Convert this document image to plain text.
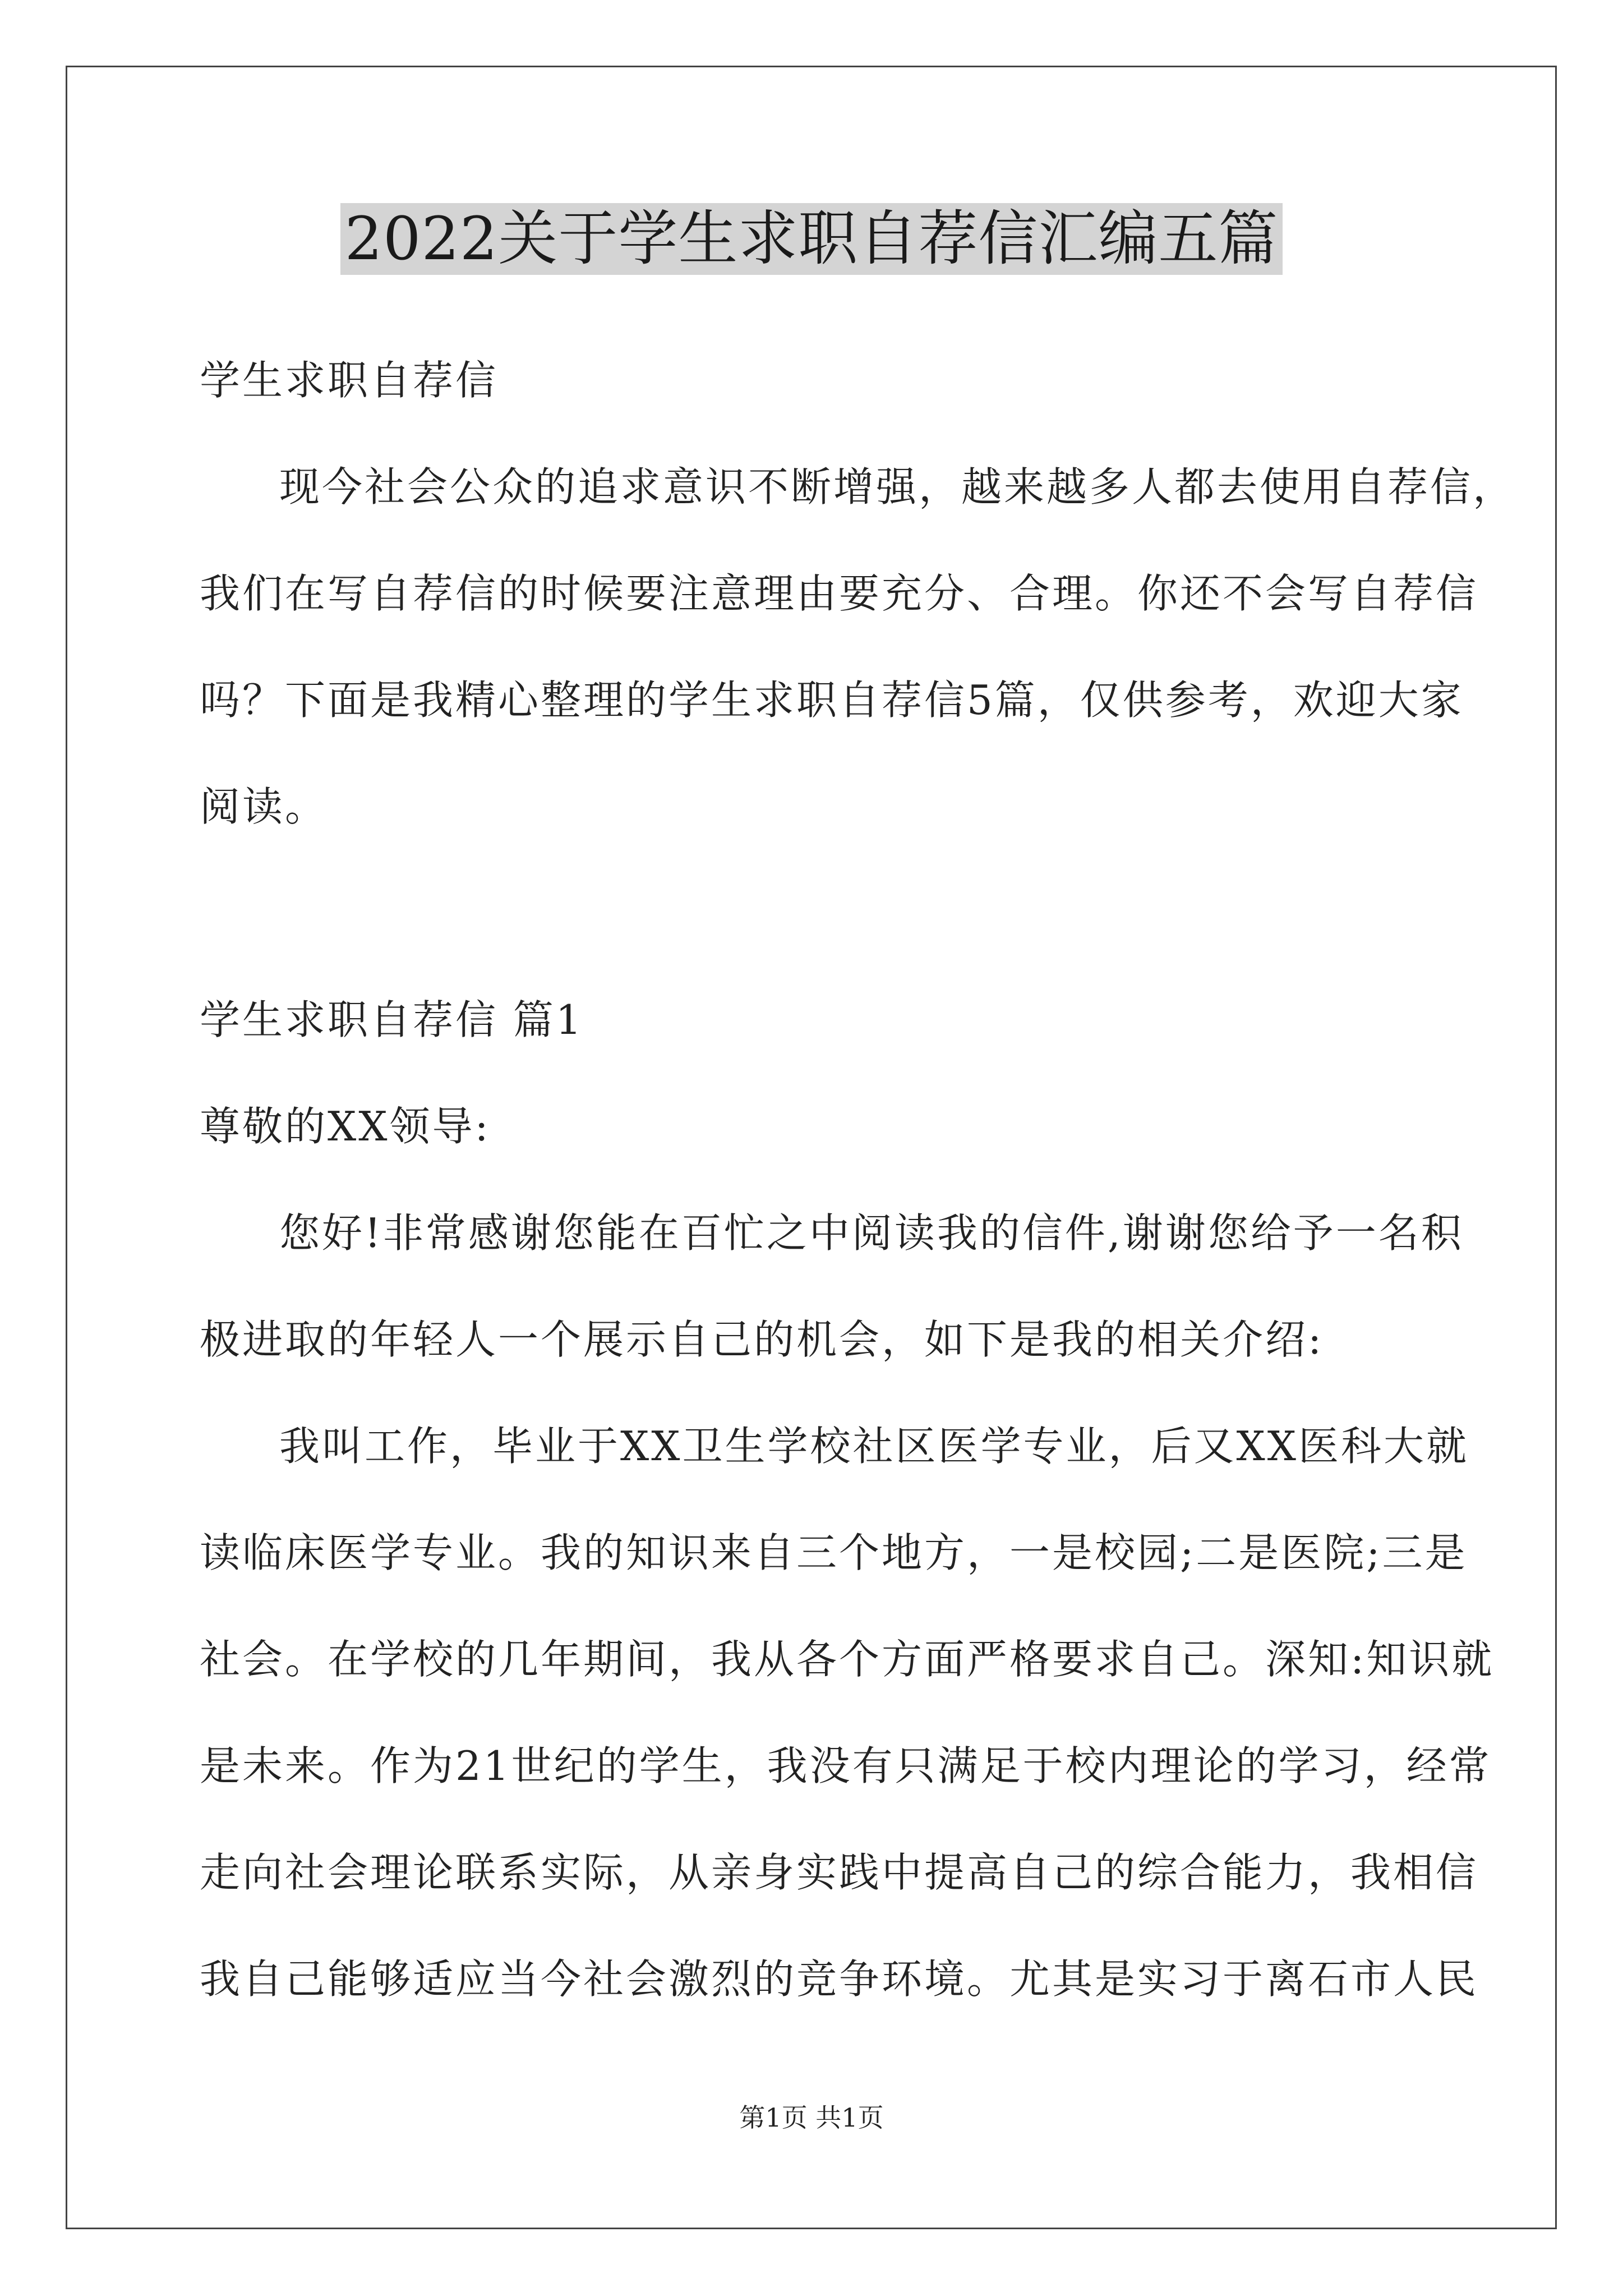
2022关于学生求职自荐信汇编五篇
学生求职自荐信
现今社会公众的追求意识不断增强，越来越多人都去使用自荐信，
我们在写自荐信的时候要注意理由要充分、合理。你还不会写自荐信
吗？下面是我精心整理的学生求职自荐信5篇，仅供参考，欢迎大家
阅读。
学生求职自荐信 篇1
尊敬的XX领导:
您好!非常感谢您能在百忙之中阅读我的信件,谢谢您给予一名积
极进取的年轻人一个展示自己的机会，如下是我的相关介绍:
我叫工作，毕业于XX卫生学校社区医学专业，后又XX医科大就
读临床医学专业。我的知识来自三个地方，一是校园;二是医院;三是
社会。在学校的几年期间，我从各个方面严格要求自己。深知:知识就
是未来。作为21世纪的学生，我没有只满足于校内理论的学习，经常
走向社会理论联系实际，从亲身实践中提高自己的综合能力，我相信
我自己能够适应当今社会激烈的竞争环境。尤其是实习于离石市人民
第1页 共1页
